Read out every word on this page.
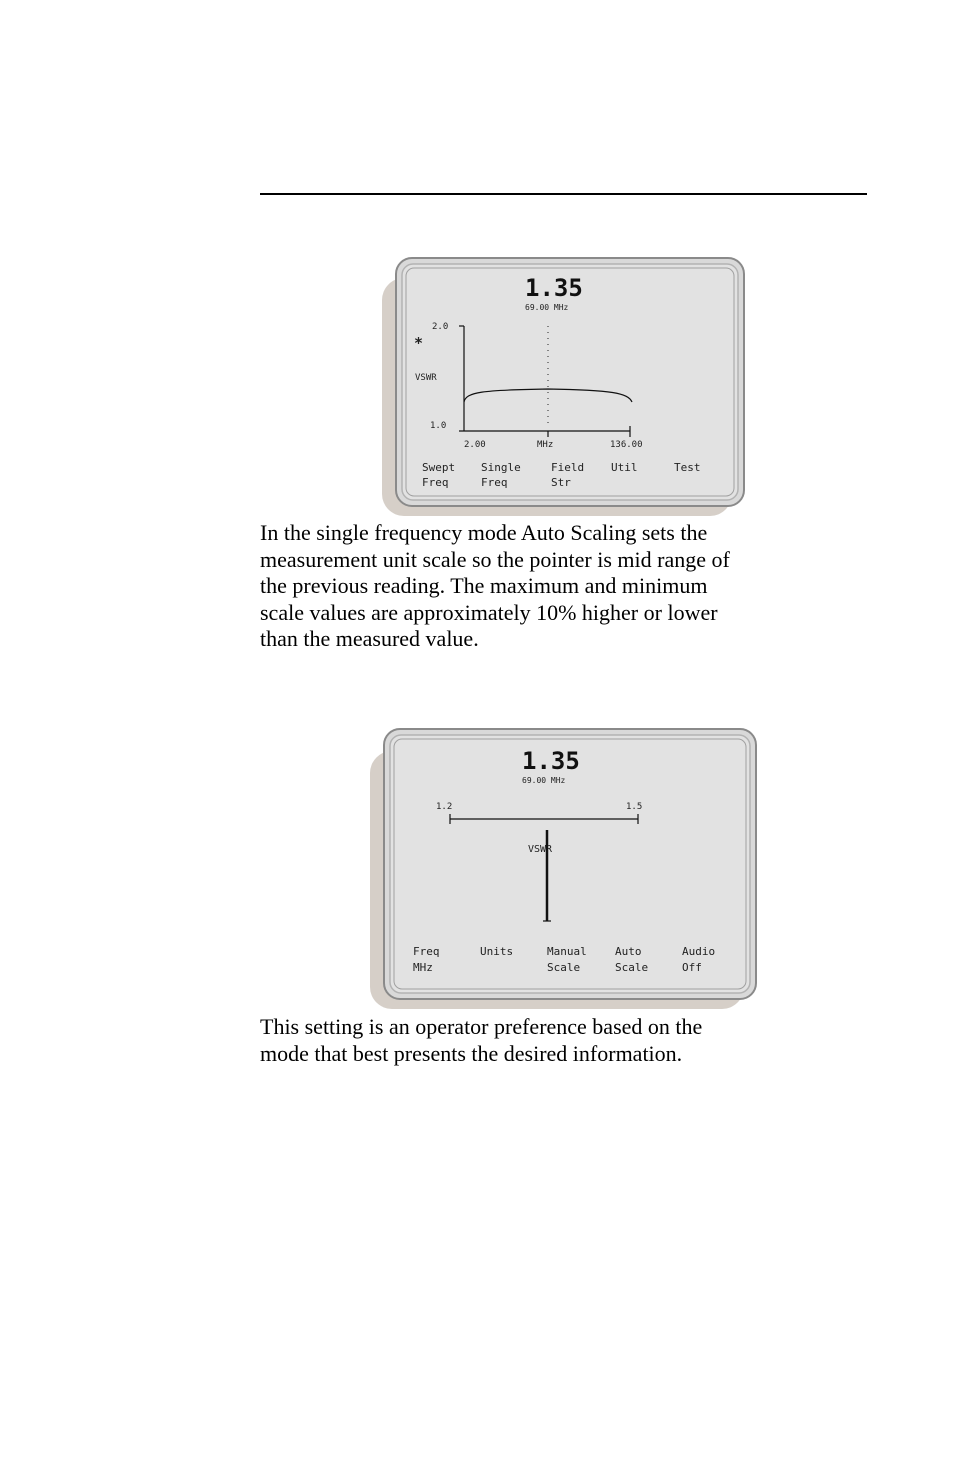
1.35
69.00 MHz
2.0
*
VSWR
1.0
2.00	MHz	136.00
Swept
Freq
Single
Freq
Field
Str
Util	Test
In the single frequency mode Auto Scaling sets the
measurement unit scale so the pointer is mid range of
the previous reading. The maximum and minimum
scale values are approximately 10% higher or lower
than the measured value.
1.35
69.00 MHz
1.2	1.5
VSWR
Freq
MHz
Units	Manual
Scale
Auto
Scale
Audio
Off
This setting is an operator preference based on the
mode that best presents the desired information.
